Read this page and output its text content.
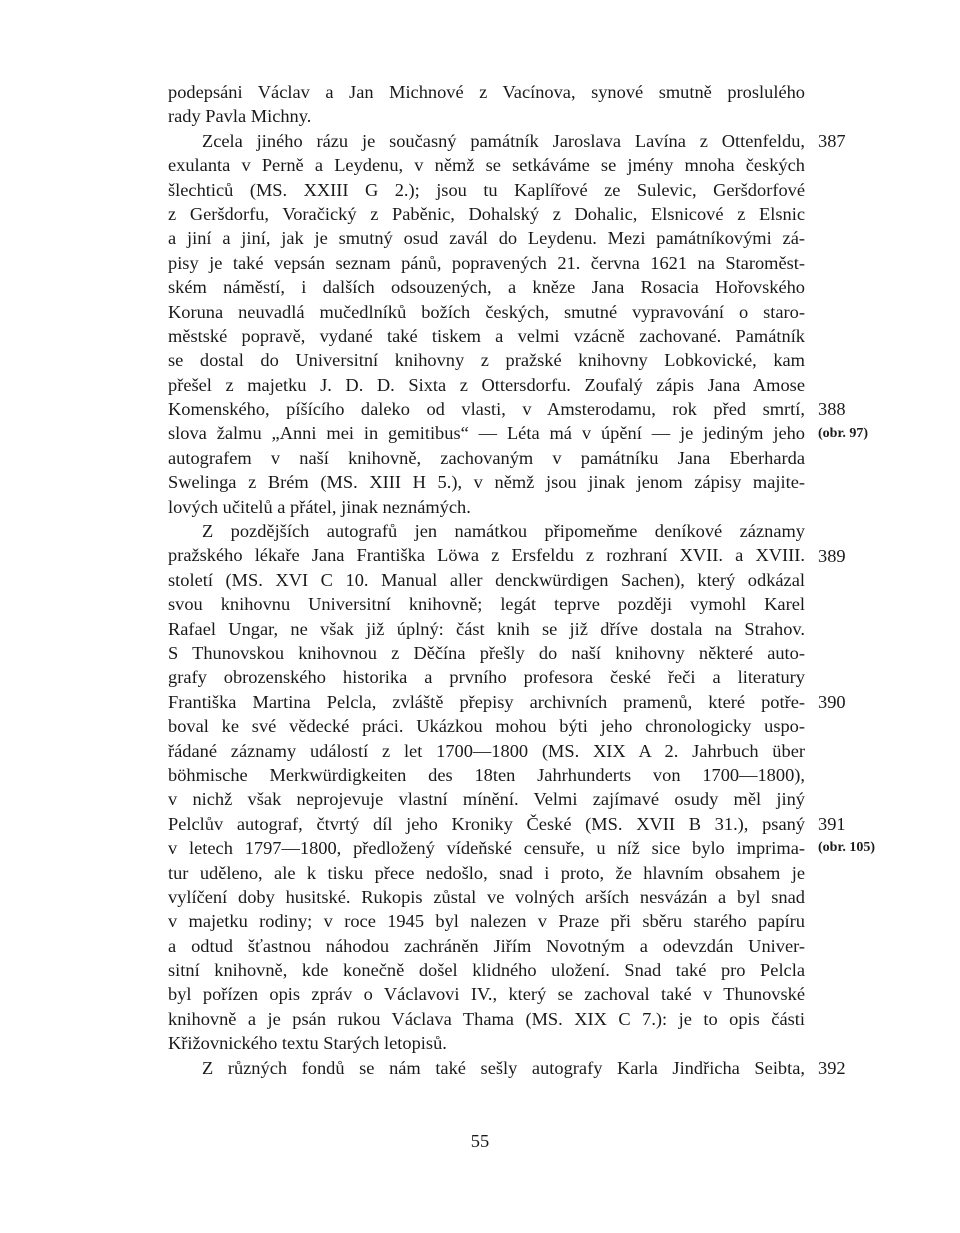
podepsáni Václav a Jan Michnové z Vacínova, synové smutně proslulého
rady Pavla Michny.
Zcela jiného rázu je současný památník Jaroslava Lavína z Ottenfeldu,
exulanta v Perně a Leydenu, v němž se setkáváme se jmény mnoha českých
šlechticů (MS. XXIII G 2.); jsou tu Kaplířové ze Sulevic, Geršdorfové
z Geršdorfu, Voračický z Paběnic, Dohalský z Dohalic, Elsnicové z Elsnic
a jiní a jiní, jak je smutný osud zavál do Leydenu. Mezi památníkovými zá-
pisy je také vepsán seznam pánů, popravených 21. června 1621 na Staroměst-
ském náměstí, i dalších odsouzených, a kněze Jana Rosacia Hořovského
Koruna neuvadlá mučedlníků božích českých, smutné vypravování o staro-
městské popravě, vydané také tiskem a velmi vzácně zachované. Památník
se dostal do Universitní knihovny z pražské knihovny Lobkovické, kam
přešel z majetku J. D. D. Sixta z Ottersdorfu. Zoufalý zápis Jana Amose
Komenského, píšícího daleko od vlasti, v Amsterodamu, rok před smrtí,
slova žalmu „Anni mei in gemitibus“ — Léta má v úpění — je jediným jeho
autografem v naší knihovně, zachovaným v památníku Jana Eberharda
Swelinga z Brém (MS. XIII H 5.), v němž jsou jinak jenom zápisy majite-
lových učitelů a přátel, jinak neznámých.
Z pozdějších autografů jen namátkou připomeňme deníkové záznamy
pražského lékaře Jana Františka Löwa z Ersfeldu z rozhraní XVII. a XVIII.
století (MS. XVI C 10. Manual aller denckwürdigen Sachen), který odkázal
svou knihovnu Universitní knihovně; legát teprve později vymohl Karel
Rafael Ungar, ne však již úplný: část knih se již dříve dostala na Strahov.
S Thunovskou knihovnou z Děčína přešly do naší knihovny některé auto-
grafy obrozenského historika a prvního profesora české řeči a literatury
Františka Martina Pelcla, zvláště přepisy archivních pramenů, které potře-
boval ke své vědecké práci. Ukázkou mohou býti jeho chronologicky uspo-
řádané záznamy událostí z let 1700—1800 (MS. XIX A 2. Jahrbuch über
böhmische Merkwürdigkeiten des 18ten Jahrhunderts von 1700—1800),
v nichž však neprojevuje vlastní mínění. Velmi zajímavé osudy měl jiný
Pelclův autograf, čtvrtý díl jeho Kroniky České (MS. XVII B 31.), psaný
v letech 1797—1800, předložený vídeňské censuře, u níž sice bylo imprima-
tur uděleno, ale k tisku přece nedošlo, snad i proto, že hlavním obsahem je
vylíčení doby husitské. Rukopis zůstal ve volných arších nesvázán a byl snad
v majetku rodiny; v roce 1945 byl nalezen v Praze při sběru starého papíru
a odtud šťastnou náhodou zachráněn Jiřím Novotným a odevzdán Univer-
sitní knihovně, kde konečně došel klidného uložení. Snad také pro Pelcla
byl pořízen opis zpráv o Václavovi IV., který se zachoval také v Thunovské
knihovně a je psán rukou Václava Thama (MS. XIX C 7.): je to opis části
Křižovnického textu Starých letopisů.
Z různých fondů se nám také sešly autografy Karla Jindřicha Seibta,
387
388
(obr. 97)
389
390
391
(obr. 105)
392
55
